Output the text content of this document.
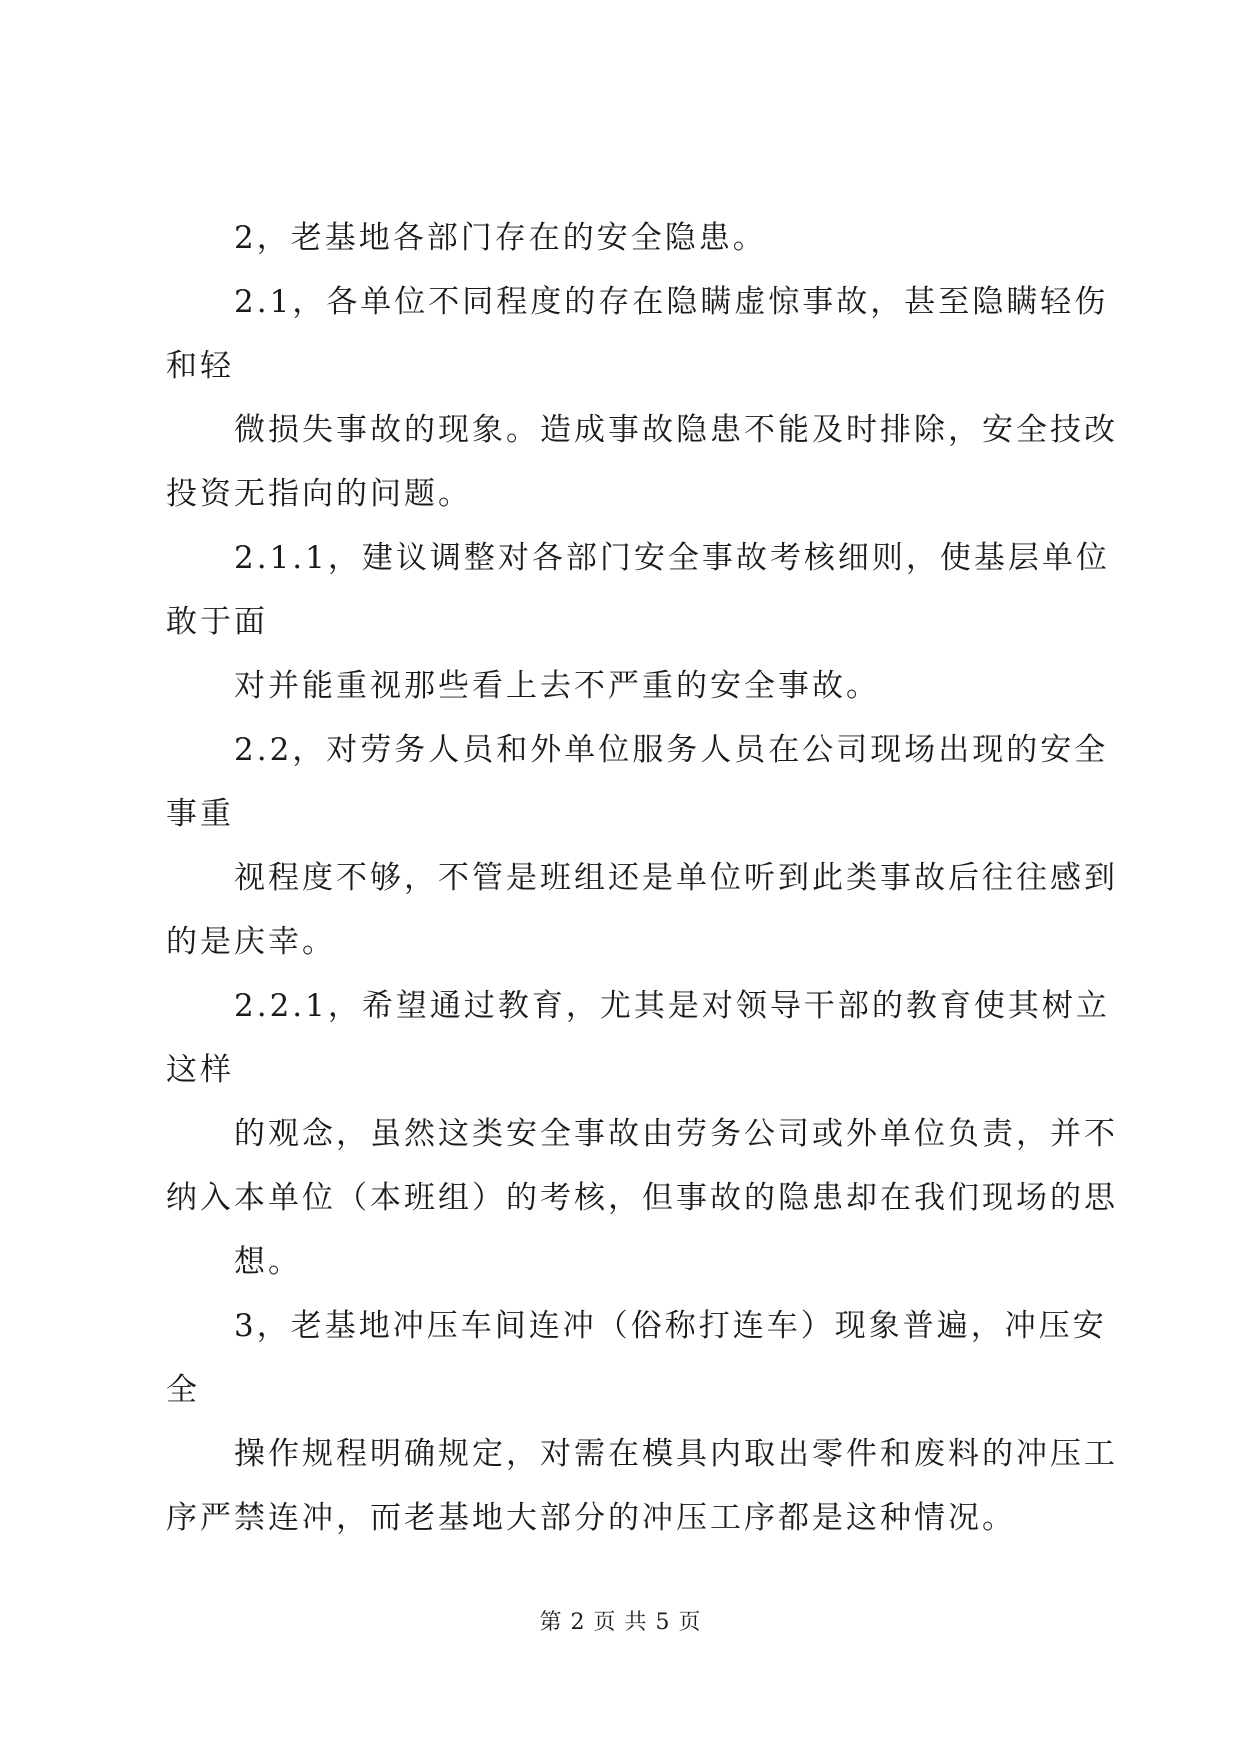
2，老基地各部门存在的安全隐患。
2.1，各单位不同程度的存在隐瞒虚惊事故，甚至隐瞒轻伤
和轻
微损失事故的现象。造成事故隐患不能及时排除，安全技改
投资无指向的问题。
2.1.1，建议调整对各部门安全事故考核细则，使基层单位
敢于面
对并能重视那些看上去不严重的安全事故。
2.2，对劳务人员和外单位服务人员在公司现场出现的安全
事重
视程度不够，不管是班组还是单位听到此类事故后往往感到
的是庆幸。
2.2.1，希望通过教育，尤其是对领导干部的教育使其树立
这样
的观念，虽然这类安全事故由劳务公司或外单位负责，并不
纳入本单位（本班组）的考核，但事故的隐患却在我们现场的思
想。
3，老基地冲压车间连冲（俗称打连车）现象普遍，冲压安
全
操作规程明确规定，对需在模具内取出零件和废料的冲压工
序严禁连冲，而老基地大部分的冲压工序都是这种情况。
第 2 页 共 5 页
